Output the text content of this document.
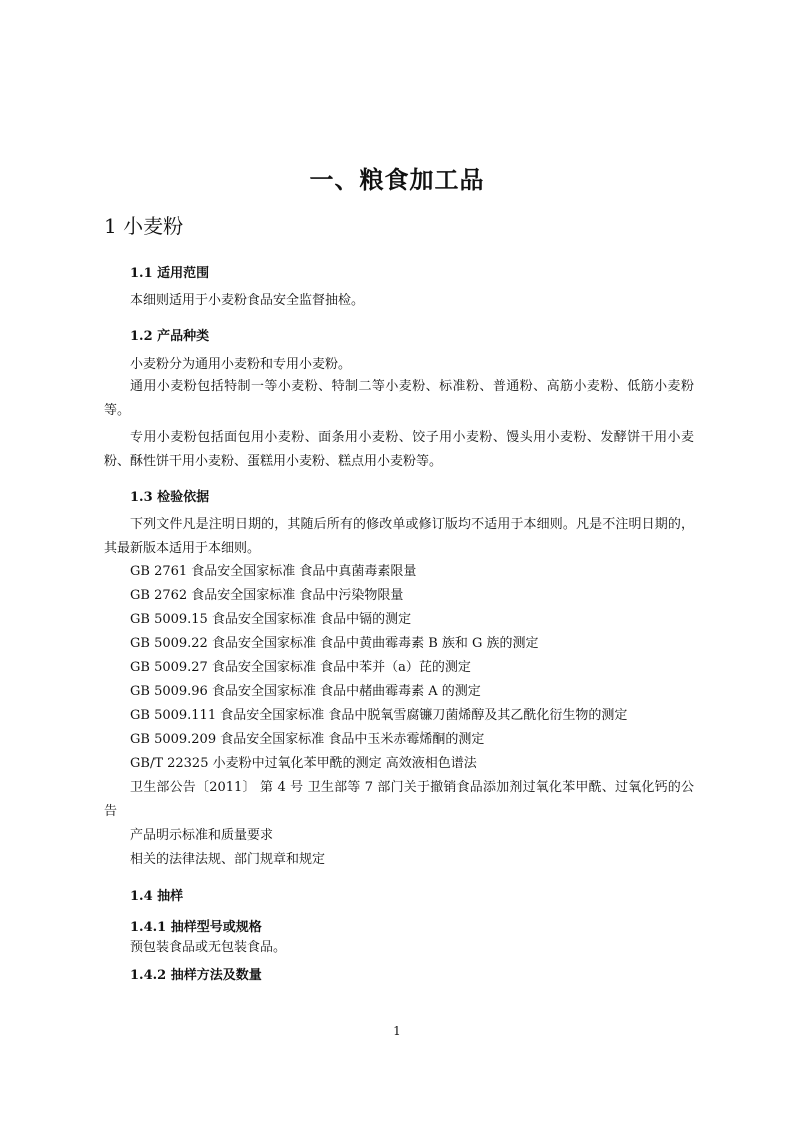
一、粮食加工品
1 小麦粉
1.1 适用范围

本细则适用于小麦粉食品安全监督抽检。

1.2 产品种类

小麦粉分为通用小麦粉和专用小麦粉。

通用小麦粉包括特制一等小麦粉、特制二等小麦粉、标准粉、普通粉、高筋小麦粉、低筋小麦粉等。

专用小麦粉包括面包用小麦粉、面条用小麦粉、饺子用小麦粉、馒头用小麦粉、发酵饼干用小麦粉、酥性饼干用小麦粉、蛋糕用小麦粉、糕点用小麦粉等。

1.3 检验依据

下列文件凡是注明日期的，其随后所有的修改单或修订版均不适用于本细则。凡是不注明日期的，其最新版本适用于本细则。

GB 2761 食品安全国家标准 食品中真菌毒素限量

GB 2762 食品安全国家标准 食品中污染物限量

GB 5009.15 食品安全国家标准 食品中镉的测定

GB 5009.22 食品安全国家标准 食品中黄曲霉毒素 B 族和 G 族的测定

GB 5009.27 食品安全国家标准 食品中苯并（a）芘的测定

GB 5009.96 食品安全国家标准 食品中赭曲霉毒素 A 的测定

GB 5009.111 食品安全国家标准 食品中脱氧雪腐镰刀菌烯醇及其乙酰化衍生物的测定

GB 5009.209 食品安全国家标准 食品中玉米赤霉烯酮的测定

GB/T 22325 小麦粉中过氧化苯甲酰的测定 高效液相色谱法

卫生部公告〔2011〕 第 4 号 卫生部等 7 部门关于撤销食品添加剂过氧化苯甲酰、过氧化钙的公告

产品明示标准和质量要求

相关的法律法规、部门规章和规定

1.4 抽样
1.4.1 抽样型号或规格

预包装食品或无包装食品。

1.4.2 抽样方法及数量

1
